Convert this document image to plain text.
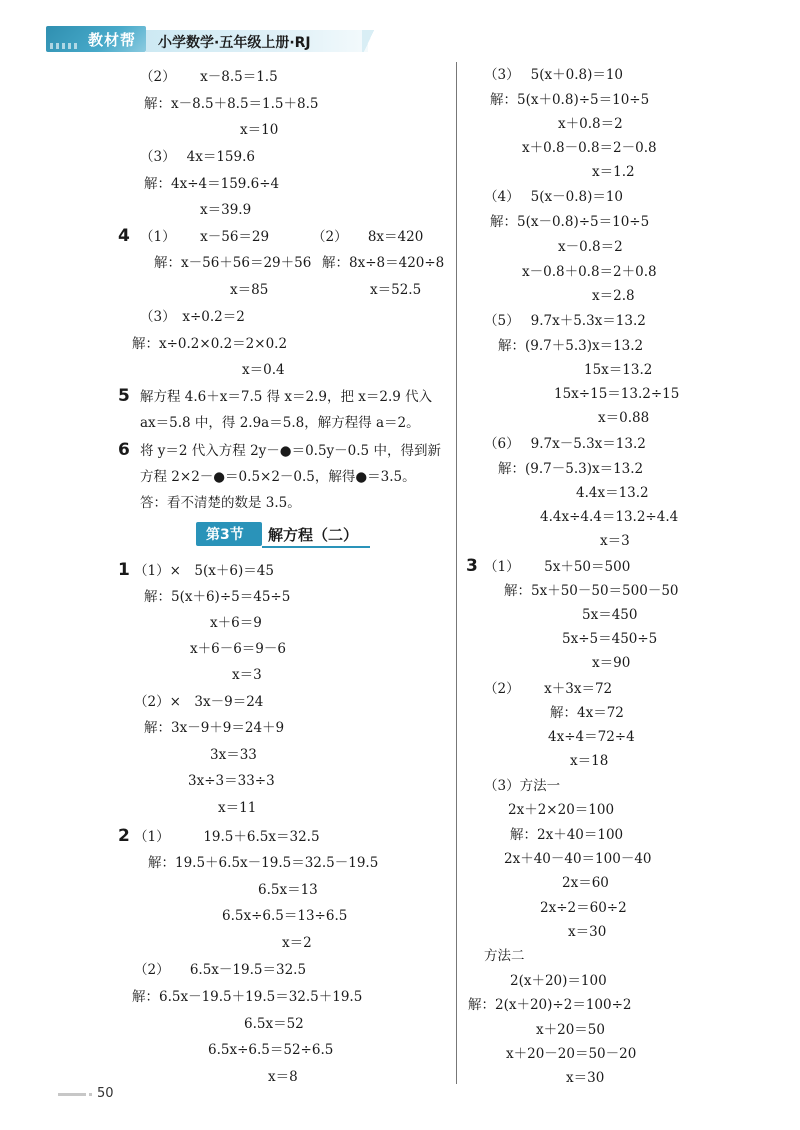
教材帮 小学数学·五年级上册·RJ
（2）　　 x－8.5＝1.5
解：x－8.5＋8.5＝1.5＋8.5
x＝10
（3）　 4x＝159.6
解：4x÷4＝159.6÷4
x＝39.9
4 （1）　　 x－56＝29	（2）　　8x＝420
解：x－56＋56＝29＋56 解：8x÷8＝420÷8
x＝85	x＝52.5
（3）　x÷0.2＝2
解：x÷0.2×0.2＝2×0.2
x＝0.4
5 解方程 4.6＋x＝7.5 得 x＝2.9，把 x＝2.9 代入
ax＝5.8 中，得 2.9a＝5.8，解方程得 a＝2。
6 将 y＝2 代入方程 2y－●＝0.5y－0.5 中，得到新
方程 2×2－●＝0.5×2－0.5，解得●＝3.5。
答：看不清楚的数是 3.5。
第3节 解方程（二）
1 （1）×　5(x＋6)＝45
解：5(x＋6)÷5＝45÷5
x＋6＝9
x＋6－6＝9－6
x＝3
（2）×　3x－9＝24
解：3x－9＋9＝24＋9
3x＝33
3x÷3＝33÷3
x＝11
2 （1）　　　19.5＋6.5x＝32.5
解：19.5＋6.5x－19.5＝32.5－19.5
6.5x＝13
6.5x÷6.5＝13÷6.5
x＝2
（2）　　6.5x－19.5＝32.5
解：6.5x－19.5＋19.5＝32.5＋19.5
6.5x＝52
6.5x÷6.5＝52÷6.5
x＝8
（3）　 5(x＋0.8)＝10
解：5(x＋0.8)÷5＝10÷5
x＋0.8＝2
x＋0.8－0.8＝2－0.8
x＝1.2
（4）　 5(x－0.8)＝10
解：5(x－0.8)÷5＝10÷5
x－0.8＝2
x－0.8＋0.8＝2＋0.8
x＝2.8
（5）　 9.7x＋5.3x＝13.2
解：(9.7＋5.3)x＝13.2
15x＝13.2
15x÷15＝13.2÷15
x＝0.88
（6）　 9.7x－5.3x＝13.2
解：(9.7－5.3)x＝13.2
4.4x＝13.2
4.4x÷4.4＝13.2÷4.4
x＝3
3 （1）　　 5x＋50＝500
解：5x＋50－50＝500－50
5x＝450
5x÷5＝450÷5
x＝90
（2）　　 x＋3x＝72
解：4x＝72
4x÷4＝72÷4
x＝18
（3）方法一
2x＋2×20＝100
解：2x＋40＝100
2x＋40－40＝100－40
2x＝60
2x÷2＝60÷2
x＝30
方法二
2(x＋20)＝100
解：2(x＋20)÷2＝100÷2
x＋20＝50
x＋20－20＝50－20
x＝30
50
